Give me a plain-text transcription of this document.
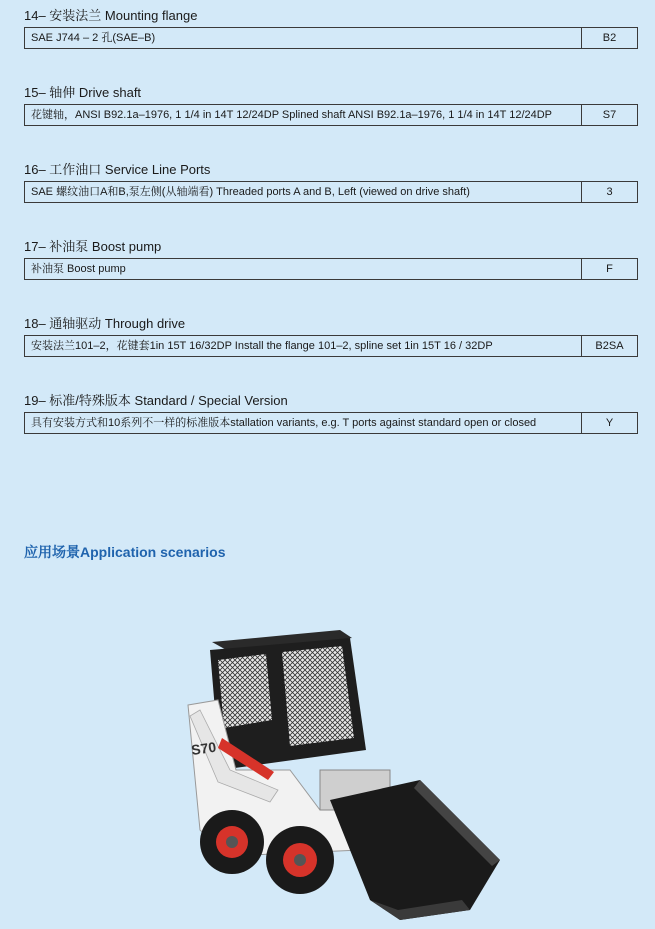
14– 安装法兰 Mounting flange
SAE J744 – 2 孔(SAE–B)	B2
15– 轴伸 Drive shaft
花键轴，ANSI B92.1a–1976, 1 1/4 in 14T 12/24DP Splined shaft ANSI B92.1a–1976, 1 1/4 in 14T 12/24DP	S7
16– 工作油口 Service Line Ports
SAE 螺纹油口A和B,泵左侧(从轴端看) Threaded ports A and B, Left (viewed on drive shaft)	3
17– 补油泵 Boost pump
补油泵 Boost pump	F
18– 通轴驱动 Through drive
安装法兰101–2，花键套1in 15T 16/32DP Install the flange 101–2, spline set 1in 15T 16 / 32DP	B2SA
19– 标准/特殊版本 Standard / Special Version
具有安装方式和10系列不一样的标准版本stallation variants, e.g. T ports against standard open or closed	Y
应用场景Application scenarios
S70
